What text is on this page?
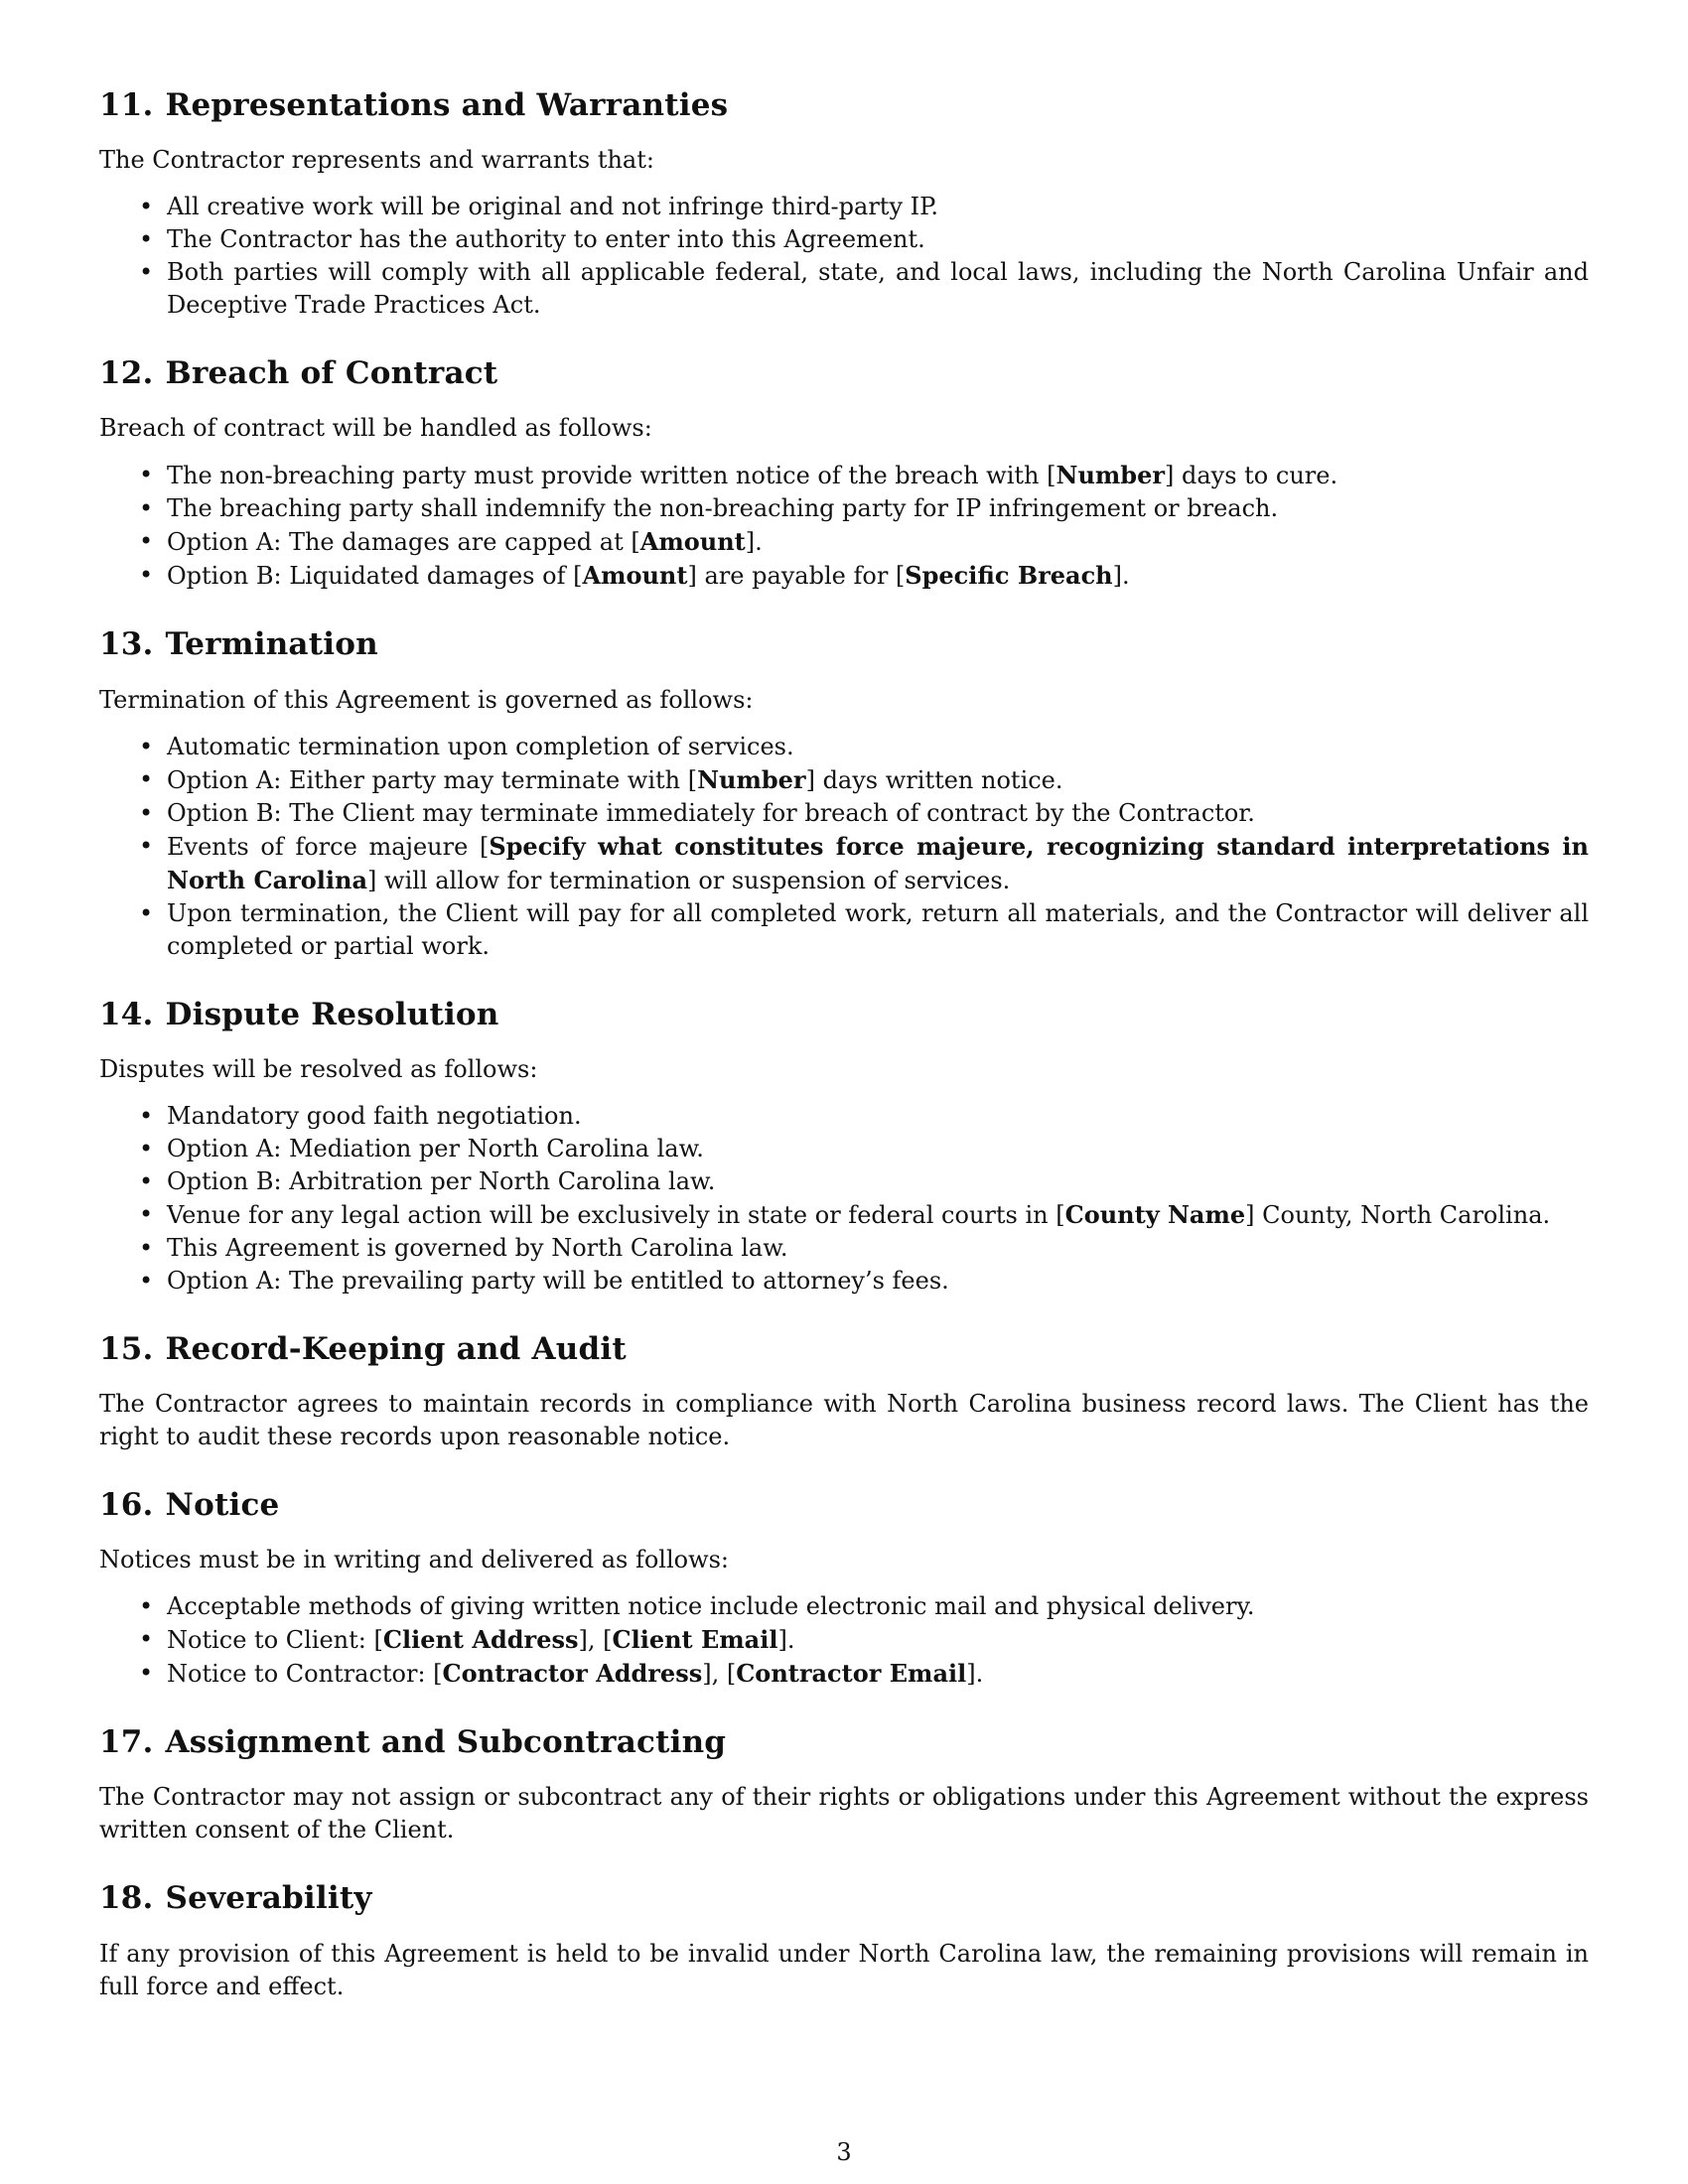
11. Representations and Warranties

The Contractor represents and warrants that:

• All creative work will be original and not infringe third-party IP.
• The Contractor has the authority to enter into this Agreement.
• Both parties will comply with all applicable federal, state, and local laws, including the North Carolina Unfair and Deceptive Trade Practices Act.
12. Breach of Contract

Breach of contract will be handled as follows:

• The non-breaching party must provide written notice of the breach with [Number] days to cure.
• The breaching party shall indemnify the non-breaching party for IP infringement or breach.
• Option A: The damages are capped at [Amount].
• Option B: Liquidated damages of [Amount] are payable for [Specific Breach].
13. Termination

Termination of this Agreement is governed as follows:

• Automatic termination upon completion of services.
• Option A: Either party may terminate with [Number] days written notice.
• Option B: The Client may terminate immediately for breach of contract by the Contractor.
• Events of force majeure [Specify what constitutes force majeure, recognizing standard interpretations in North Carolina] will allow for termination or suspension of services.
• Upon termination, the Client will pay for all completed work, return all materials, and the Contractor will deliver all completed or partial work.
14. Dispute Resolution

Disputes will be resolved as follows:

• Mandatory good faith negotiation.
• Option A: Mediation per North Carolina law.
• Option B: Arbitration per North Carolina law.
• Venue for any legal action will be exclusively in state or federal courts in [County Name] County, North Carolina.
• This Agreement is governed by North Carolina law.
• Option A: The prevailing party will be entitled to attorney’s fees.
15. Record-Keeping and Audit

The Contractor agrees to maintain records in compliance with North Carolina business record laws. The Client has the right to audit these records upon reasonable notice.

16. Notice

Notices must be in writing and delivered as follows:

• Acceptable methods of giving written notice include electronic mail and physical delivery.
• Notice to Client: [Client Address], [Client Email].
• Notice to Contractor: [Contractor Address], [Contractor Email].
17. Assignment and Subcontracting

The Contractor may not assign or subcontract any of their rights or obligations under this Agreement without the express written consent of the Client.

18. Severability

If any provision of this Agreement is held to be invalid under North Carolina law, the remaining provisions will remain in full force and effect.

3
